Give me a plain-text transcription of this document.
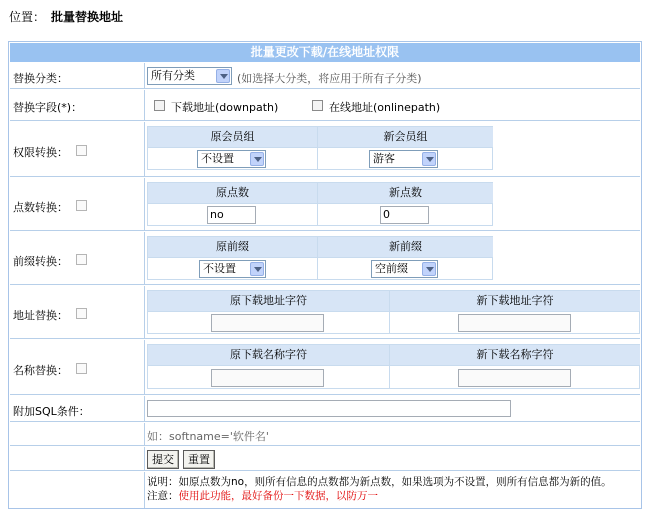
位置： 批量替换地址
批量更改下载/在线地址权限
替换分类：	所有分类	(如选择大分类，将应用于所有子分类)
替换字段(*)：	下载地址(downpath)	在线地址(onlinepath)
权限转换：
原会员组	新会员组
不设置	游客
点数转换：
原点数	新点数
no	0
前缀转换：
原前缀	新前缀
不设置	空前缀
地址替换：
原下载地址字符	新下载地址字符
名称替换：
原下载名称字符	新下载名称字符
附加SQL条件：
如：softname='软件名'
提交	重置
说明：如原点数为no，则所有信息的点数都为新点数，如果选项为不设置，则所有信息都为新的值。
注意：使用此功能，最好备份一下数据，以防万一
